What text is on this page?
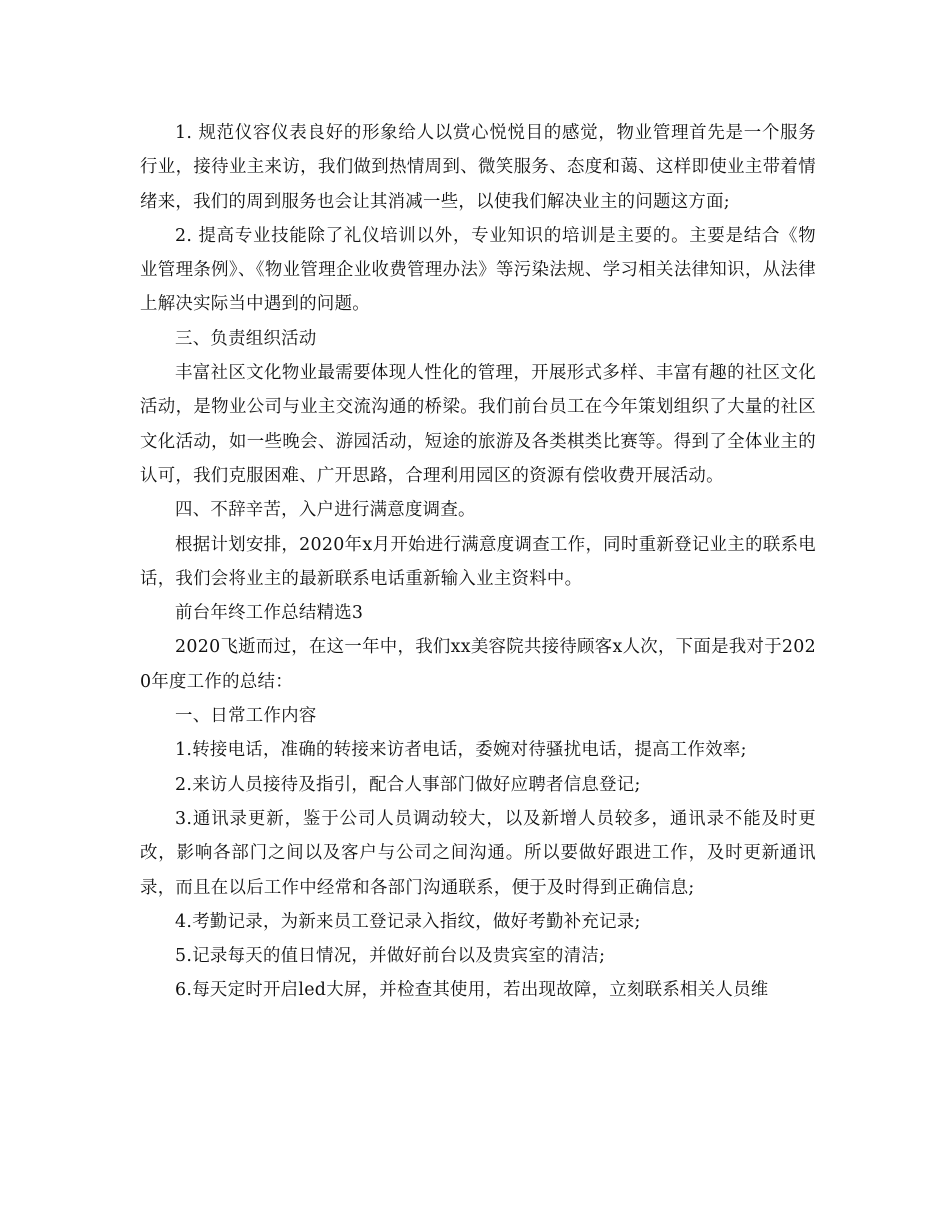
1. 规范仪容仪表良好的形象给人以赏心悦悦目的感觉，物业管理首先是一个服务行业，接待业主来访，我们做到热情周到、微笑服务、态度和蔼、这样即使业主带着情绪来，我们的周到服务也会让其消减一些，以使我们解决业主的问题这方面;

2. 提高专业技能除了礼仪培训以外，专业知识的培训是主要的。主要是结合《物业管理条例》、《物业管理企业收费管理办法》等污染法规、学习相关法律知识，从法律上解决实际当中遇到的问题。

三、负责组织活动

丰富社区文化物业最需要体现人性化的管理，开展形式多样、丰富有趣的社区文化活动，是物业公司与业主交流沟通的桥梁。我们前台员工在今年策划组织了大量的社区文化活动，如一些晚会、游园活动，短途的旅游及各类棋类比赛等。得到了全体业主的认可，我们克服困难、广开思路，合理利用园区的资源有偿收费开展活动。

四、不辞辛苦，入户进行满意度调查。

根据计划安排，2020年x月开始进行满意度调查工作，同时重新登记业主的联系电话，我们会将业主的最新联系电话重新输入业主资料中。

前台年终工作总结精选3

2020飞逝而过，在这一年中，我们xx美容院共接待顾客x人次，下面是我对于2020年度工作的总结：

一、日常工作内容

1.转接电话，准确的转接来访者电话，委婉对待骚扰电话，提高工作效率;

2.来访人员接待及指引，配合人事部门做好应聘者信息登记;

3.通讯录更新，鉴于公司人员调动较大，以及新增人员较多，通讯录不能及时更改，影响各部门之间以及客户与公司之间沟通。所以要做好跟进工作，及时更新通讯录，而且在以后工作中经常和各部门沟通联系，便于及时得到正确信息;

4.考勤记录，为新来员工登记录入指纹，做好考勤补充记录;

5.记录每天的值日情况，并做好前台以及贵宾室的清洁;

6.每天定时开启led大屏，并检查其使用，若出现故障，立刻联系相关人员维
